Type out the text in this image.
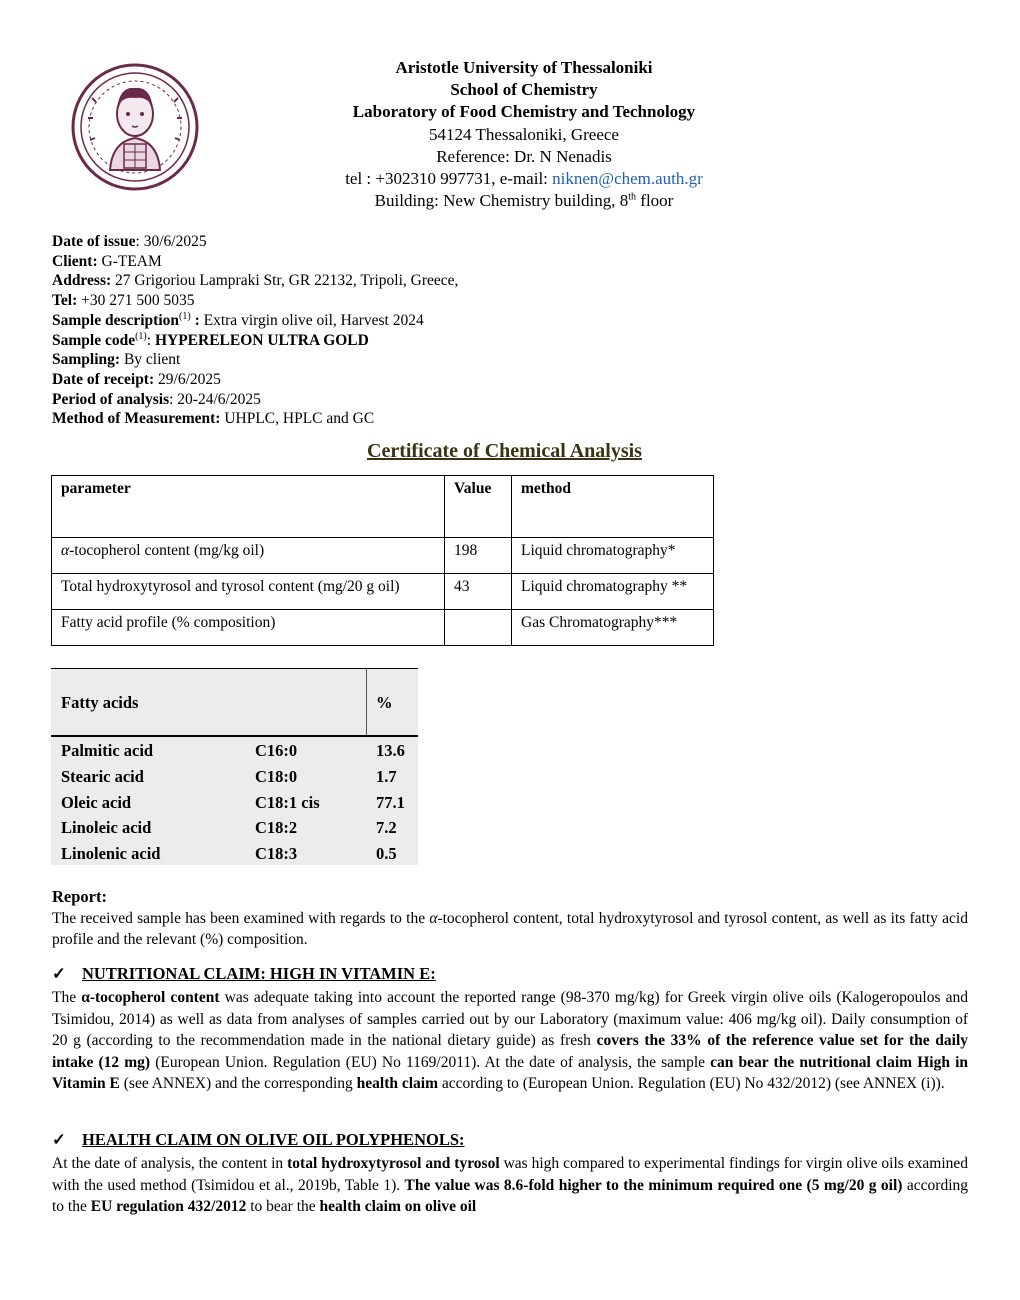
Aristotle University of Thessaloniki
School of Chemistry
Laboratory of Food Chemistry and Technology
54124 Thessaloniki, Greece
Reference: Dr. N Nenadis
tel : +302310 997731, e-mail: niknen@chem.auth.gr
Building: New Chemistry building, 8th floor
Date of issue: 30/6/2025
Client: G-TEAM
Address: 27 Grigoriou Lampraki Str, GR 22132, Tripoli, Greece,
Tel: +30 271 500 5035
Sample description$^{(1)}$ : Extra virgin olive oil, Harvest 2024
Sample code$^{(1)}$: HYPERELEON ULTRA GOLD
Sampling: By client
Date of receipt: 29/6/2025
Period of analysis: 20-24/6/2025
Method of Measurement: UHPLC, HPLC and GC
Certificate of Chemical Analysis
parameter	Value	method
α-tocopherol content (mg/kg oil)	198	Liquid chromatography*
Total hydroxytyrosol and tyrosol content (mg/20 g oil)	43	Liquid chromatography **
Fatty acid profile (% composition)		Gas Chromatography***
Fatty acids	%
Palmitic acid	C16:0	13.6
Stearic acid	C18:0	1.7
Oleic acid	C18:1 cis	77.1
Linoleic acid	C18:2	7.2
Linolenic acid	C18:3	0.5
Report:
The received sample has been examined with regards to the α-tocopherol content, total hydroxytyrosol and tyrosol content, as well as its fatty acid profile and the relevant (%) composition.
✓ NUTRITIONAL CLAIM: HIGH IN VITAMIN E:
The α-tocopherol content was adequate taking into account the reported range (98-370 mg/kg) for Greek virgin olive oils (Kalogeropoulos and Tsimidou, 2014) as well as data from analyses of samples carried out by our Laboratory (maximum value: 406 mg/kg oil). Daily consumption of 20 g (according to the recommendation made in the national dietary guide) as fresh covers the 33% of the reference value set for the daily intake (12 mg) (European Union. Regulation (EU) No 1169/2011). At the date of analysis, the sample can bear the nutritional claim High in Vitamin E (see ANNEX) and the corresponding health claim according to (European Union. Regulation (EU) No 432/2012) (see ANNEX (i)).
✓ HEALTH CLAIM ON OLIVE OIL POLYPHENOLS:
At the date of analysis, the content in total hydroxytyrosol and tyrosol was high compared to experimental findings for virgin olive oils examined with the used method (Tsimidou et al., 2019b, Table 1). The value was 8.6-fold higher to the minimum required one (5 mg/20 g oil) according to the EU regulation 432/2012 to bear the health claim on olive oil
